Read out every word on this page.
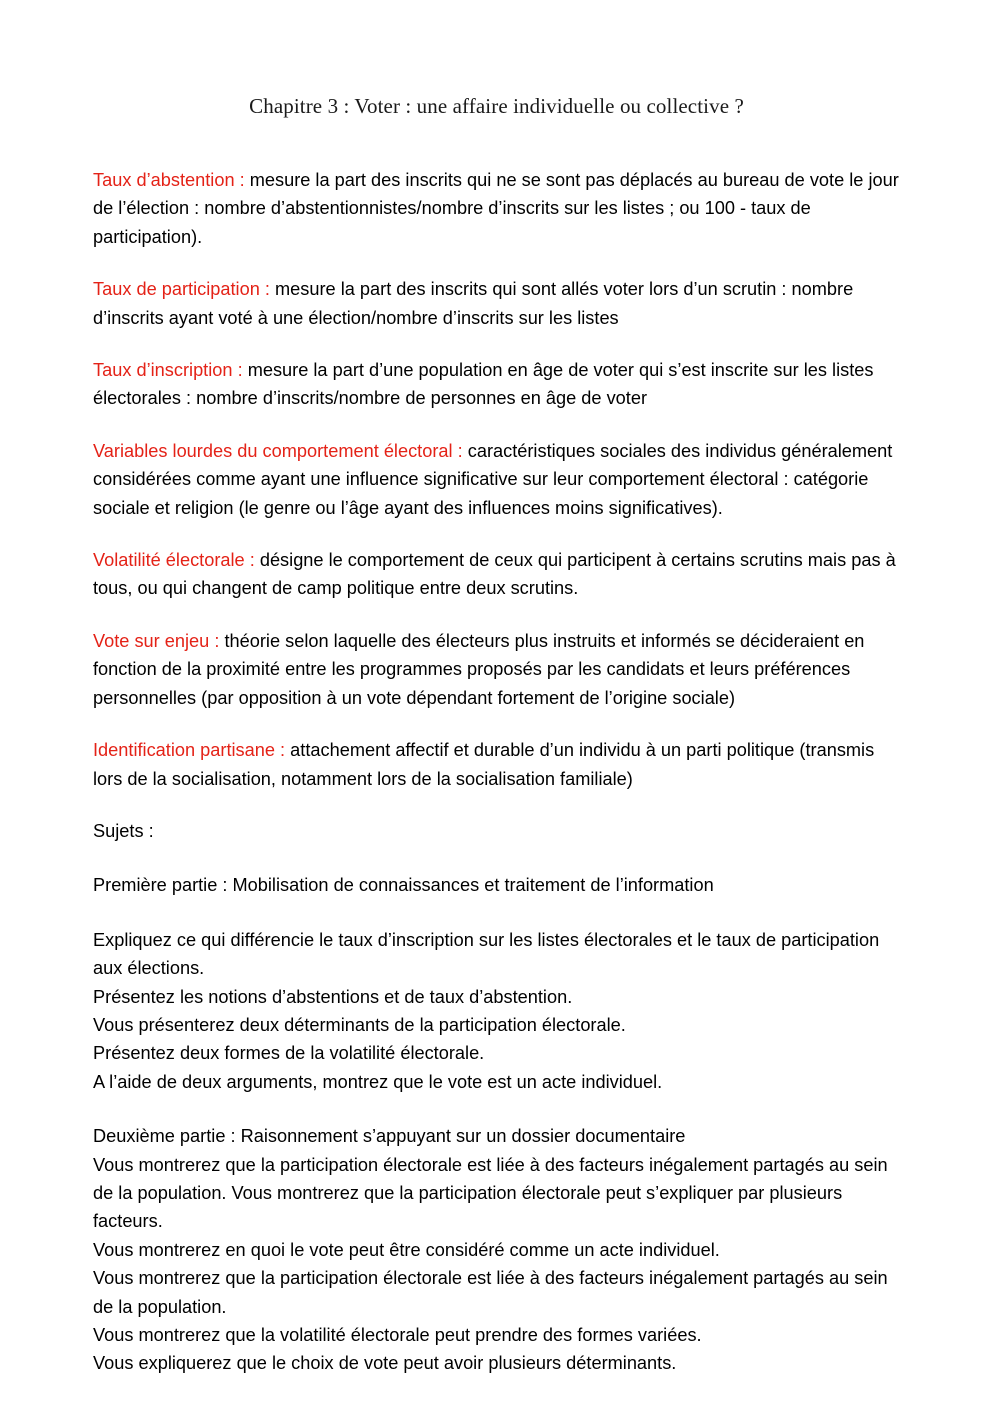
Chapitre 3 : Voter : une affaire individuelle ou collective ?

Taux d’abstention : mesure la part des inscrits qui ne se sont pas déplacés au bureau de vote le jour de l’élection : nombre d’abstentionnistes/nombre d’inscrits sur les listes ; ou 100 - taux de participation).

Taux de participation : mesure la part des inscrits qui sont allés voter lors d’un scrutin : nombre d’inscrits ayant voté à une élection/nombre d’inscrits sur les listes

Taux d’inscription : mesure la part d’une population en âge de voter qui s’est inscrite sur les listes électorales : nombre d’inscrits/nombre de personnes en âge de voter

Variables lourdes du comportement électoral : caractéristiques sociales des individus généralement considérées comme ayant une influence significative sur leur comportement électoral : catégorie sociale et religion (le genre ou l’âge ayant des influences moins significatives).

Volatilité électorale : désigne le comportement de ceux qui participent à certains scrutins mais pas à tous, ou qui changent de camp politique entre deux scrutins.

Vote sur enjeu : théorie selon laquelle des électeurs plus instruits et informés se décideraient en fonction de la proximité entre les programmes proposés par les candidats et leurs préférences personnelles (par opposition à un vote dépendant fortement de l’origine sociale)

Identification partisane : attachement affectif et durable d’un individu à un parti politique (transmis lors de la socialisation, notamment lors de la socialisation familiale)

Sujets :

Première partie : Mobilisation de connaissances et traitement de l’information

Expliquez ce qui différencie le taux d’inscription sur les listes électorales et le taux de participation aux élections.
Présentez les notions d’abstentions et de taux d’abstention.
Vous présenterez deux déterminants de la participation électorale.
Présentez deux formes de la volatilité électorale.
A l’aide de deux arguments, montrez que le vote est un acte individuel.
Deuxième partie : Raisonnement s’appuyant sur un dossier documentaire
Vous montrerez que la participation électorale est liée à des facteurs inégalement partagés au sein de la population. Vous montrerez que la participation électorale peut s’expliquer par plusieurs facteurs.
Vous montrerez en quoi le vote peut être considéré comme un acte individuel.
Vous montrerez que la participation électorale est liée à des facteurs inégalement partagés au sein de la population.
Vous montrerez que la volatilité électorale peut prendre des formes variées.
Vous expliquerez que le choix de vote peut avoir plusieurs déterminants.
